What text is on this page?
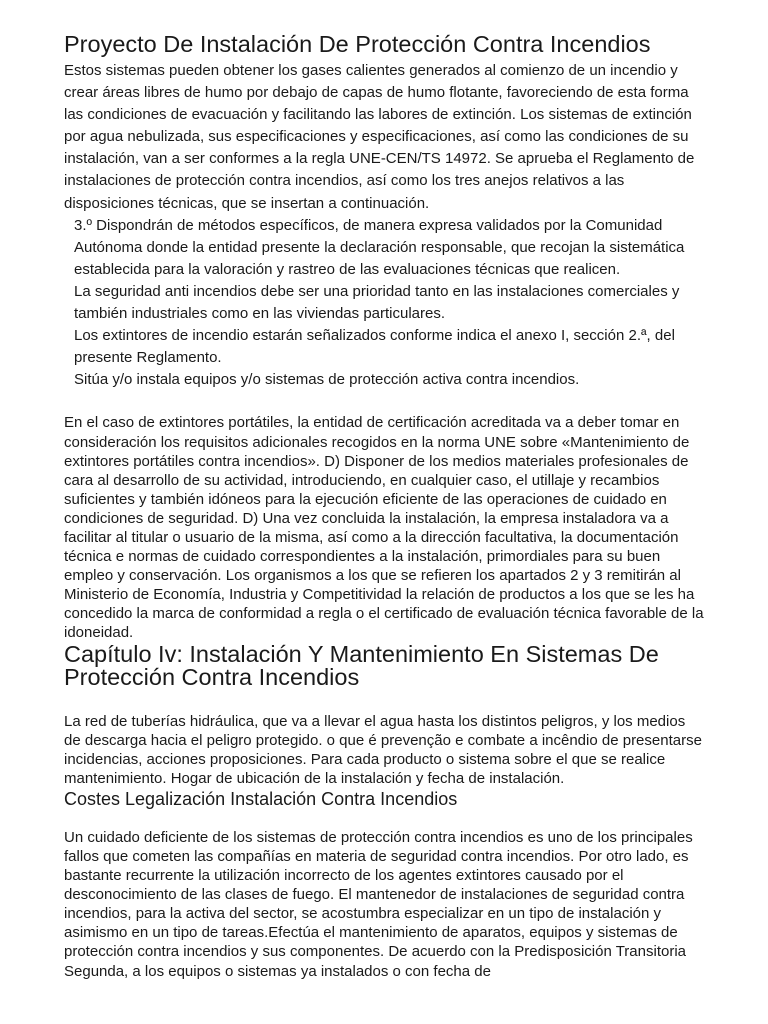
Proyecto De Instalación De Protección Contra Incendios

Estos sistemas pueden obtener los gases calientes generados al comienzo de un incendio y crear áreas libres de humo por debajo de capas de humo flotante, favoreciendo de esta forma las condiciones de evacuación y facilitando las labores de extinción. Los sistemas de extinción por agua nebulizada, sus especificaciones y especificaciones, así como las condiciones de su instalación, van a ser conformes a la regla UNE-CEN/TS 14972. Se aprueba el Reglamento de instalaciones de protección contra incendios, así como los tres anejos relativos a las disposiciones técnicas, que se insertan a continuación.

3.º Dispondrán de métodos específicos, de manera expresa validados por la Comunidad Autónoma donde la entidad presente la declaración responsable, que recojan la sistemática establecida para la valoración y rastreo de las evaluaciones técnicas que realicen.
La seguridad anti incendios debe ser una prioridad tanto en las instalaciones comerciales y también industriales como en las viviendas particulares.
Los extintores de incendio estarán señalizados conforme indica el anexo I, sección 2.ª, del presente Reglamento.
Sitúa y/o instala equipos y/o sistemas de protección activa contra incendios.

En el caso de extintores portátiles, la entidad de certificación acreditada va a deber tomar en consideración los requisitos adicionales recogidos en la norma UNE sobre «Mantenimiento de extintores portátiles contra incendios». D) Disponer de los medios materiales profesionales de cara al desarrollo de su actividad, introduciendo, en cualquier caso, el utillaje y recambios suficientes y también idóneos para la ejecución eficiente de las operaciones de cuidado en condiciones de seguridad. D) Una vez concluida la instalación, la empresa instaladora va a facilitar al titular o usuario de la misma, así como a la dirección facultativa, la documentación técnica e normas de cuidado correspondientes a la instalación, primordiales para su buen empleo y conservación. Los organismos a los que se refieren los apartados 2 y 3 remitirán al Ministerio de Economía, Industria y Competitividad la relación de productos a los que se les ha concedido la marca de conformidad a regla o el certificado de evaluación técnica favorable de la idoneidad.

Capítulo Iv: Instalación Y Mantenimiento En Sistemas De Protección Contra Incendios

La red de tuberías hidráulica, que va a llevar el agua hasta los distintos peligros, y los medios de descarga hacia el peligro protegido. o que é prevenção e combate a incêndio de presentarse incidencias, acciones proposiciones. Para cada producto o sistema sobre el que se realice mantenimiento. Hogar de ubicación de la instalación y fecha de instalación.

Costes Legalización Instalación Contra Incendios

Un cuidado deficiente de los sistemas de protección contra incendios es uno de los principales fallos que cometen las compañías en materia de seguridad contra incendios. Por otro lado, es bastante recurrente la utilización incorrecto de los agentes extintores causado por el desconocimiento de las clases de fuego. El mantenedor de instalaciones de seguridad contra incendios, para la activa del sector, se acostumbra especializar en un tipo de instalación y asimismo en un tipo de tareas.Efectúa el mantenimiento de aparatos, equipos y sistemas de protección contra incendios y sus componentes. De acuerdo con la Predisposición Transitoria Segunda, a los equipos o sistemas ya instalados o con fecha de
